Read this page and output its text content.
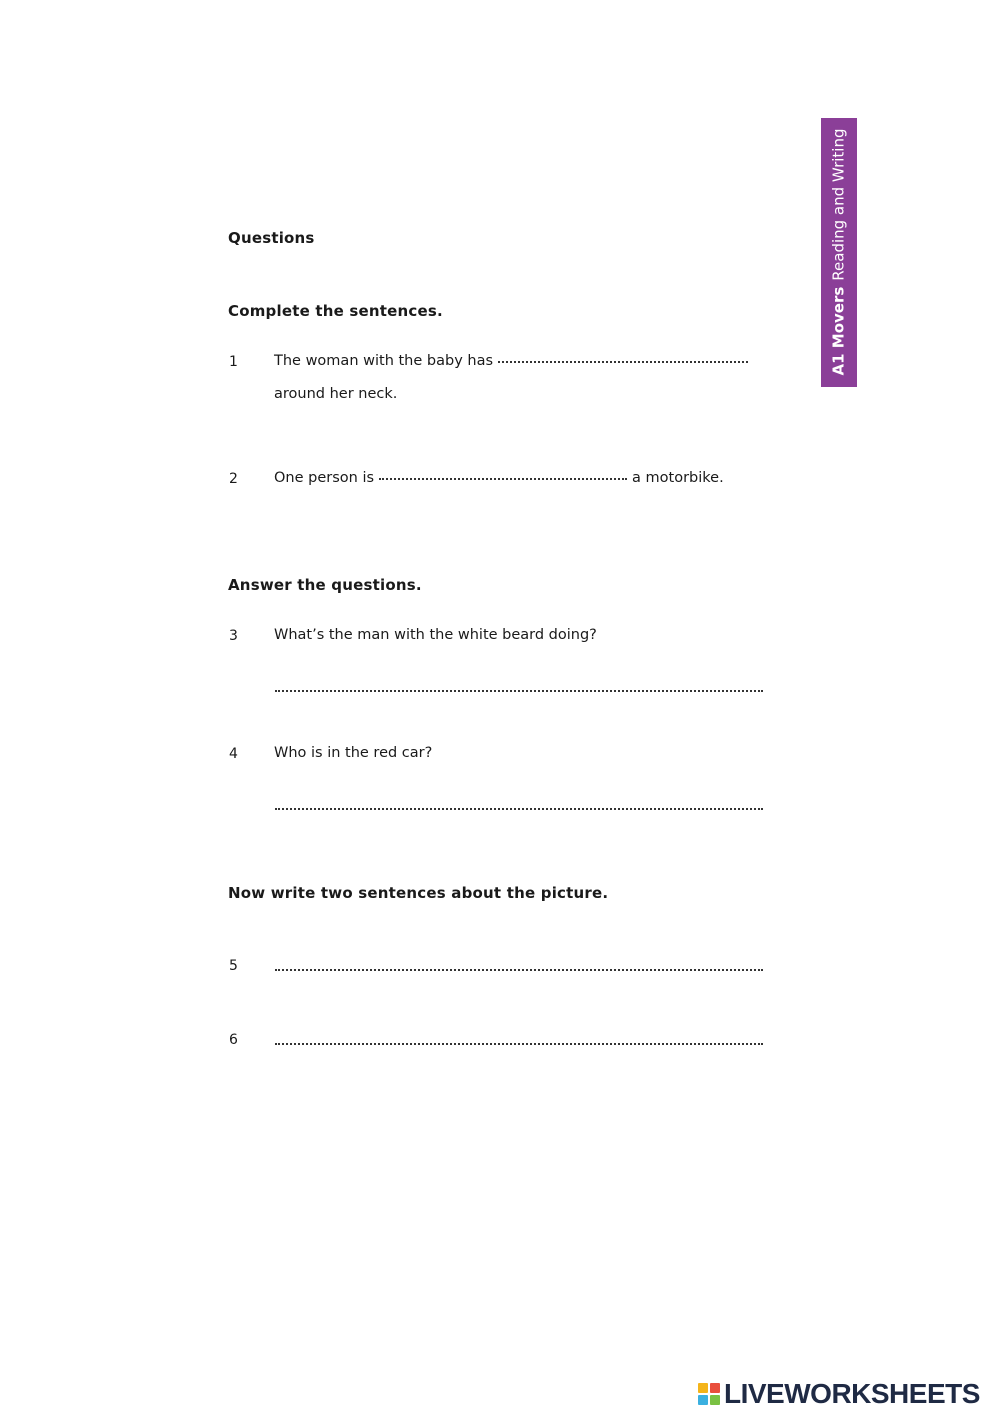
A1 MoversReading and Writing
Questions
Complete the sentences.
1 The woman with the baby has
around her neck.
2 One person is	a motorbike.
Answer the questions.
3 What’s the man with the white beard doing?
4 Who is in the red car?
Now write two sentences about the picture.
5
6
LIVEWORKSHEETS
